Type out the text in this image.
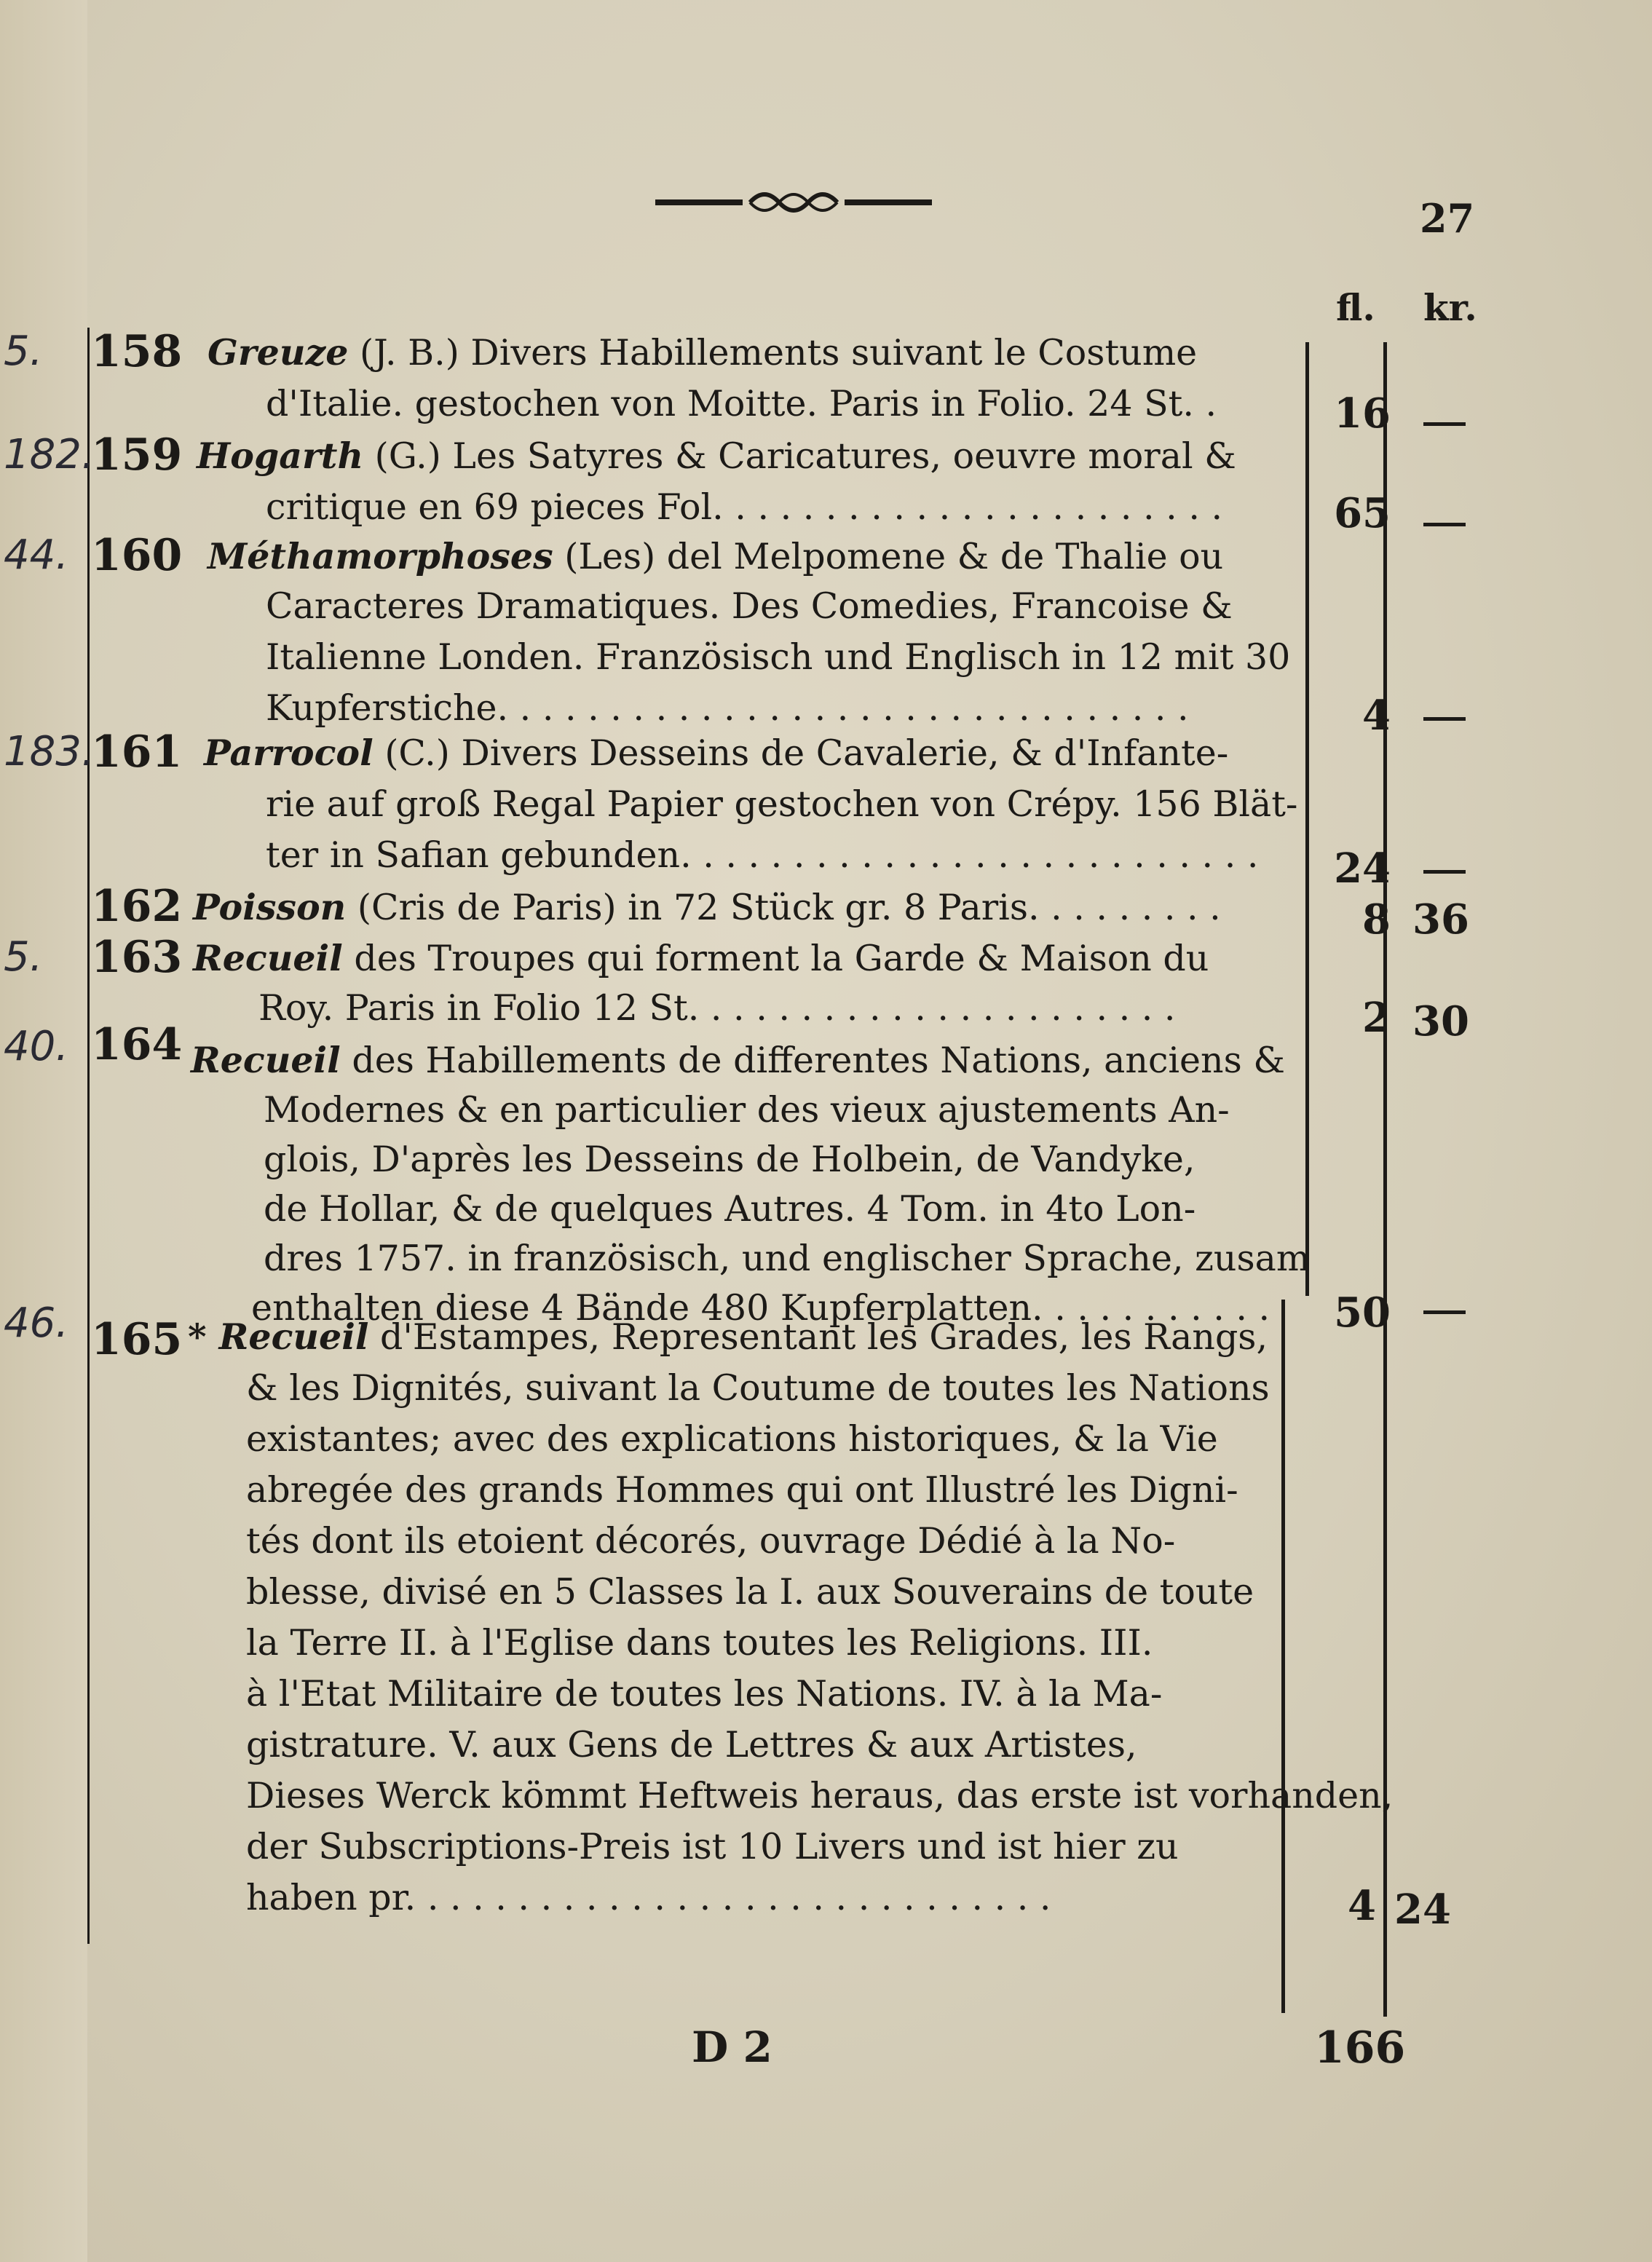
27
fl. kr.
5. 158 Greuze (J. B.) Divers Habillements suivant le Costume
d'Italie. gestochen von Moitte. Paris in Folio. 24 St. .	16
182.
159 Hogarth (G.) Les Satyres & Caricatures, oeuvre moral &
critique en 69 pieces Fol. . . . . . . . . . . . . . . . . . . . . . .	65
44. 160 Méthamorphoses (Les) del Melpomene & de Thalie ou
Caracteres Dramatiques. Des Comedies, Francoise &
Italienne Londen. Französisch und Englisch in 12 mit 30
Kupferstiche. . . . . . . . . . . . . . . . . . . . . . . . . . . . . . .	4
183.
161 Parrocol (C.) Divers Desseins de Cavalerie, & d'Infante-
rie auf groß Regal Papier gestochen von Crépy. 156 Blät-
ter in Safian gebunden. . . . . . . . . . . . . . . . . . . . . . . . . .	24
162 Poisson (Cris de Paris) in 72 Stück gr. 8 Paris. . . . . . . . .	8 36
5. 163 Recueil des Troupes qui forment la Garde & Maison du
Roy. Paris in Folio 12 St. . . . . . . . . . . . . . . . . . . . . .	2 30
40. 164 Recueil des Habillements de differentes Nations, anciens &
Modernes & en particulier des vieux ajustements An-
glois, D'après les Desseins de Holbein, de Vandyke,
de Hollar, & de quelques Autres. 4 Tom. in 4to Lon-
dres 1757. in französisch, und englischer Sprache, zusam
enthalten diese 4 Bände 480 Kupferplatten. . . . . . . . . . .	50
46. 165 * Recueil d'Estampes, Representant les Grades, les Rangs,
& les Dignités, suivant la Coutume de toutes les Nations
existantes; avec des explications historiques, & la Vie
abregée des grands Hommes qui ont Illustré les Digni-
tés dont ils etoient décorés, ouvrage Dédié à la No-
blesse, divisé en 5 Classes la I. aux Souverains de toute
la Terre II. à l'Eglise dans toutes les Religions. III.
à l'Etat Militaire de toutes les Nations. IV. à la Ma-
gistrature. V. aux Gens de Lettres & aux Artistes,
Dieses Werck kömmt Heftweis heraus, das erste ist vorhanden,
der Subscriptions-Preis ist 10 Livers und ist hier zu
haben pr. . . . . . . . . . . . . . . . . . . . . . . . . . . . .	4 24
D 2	166
